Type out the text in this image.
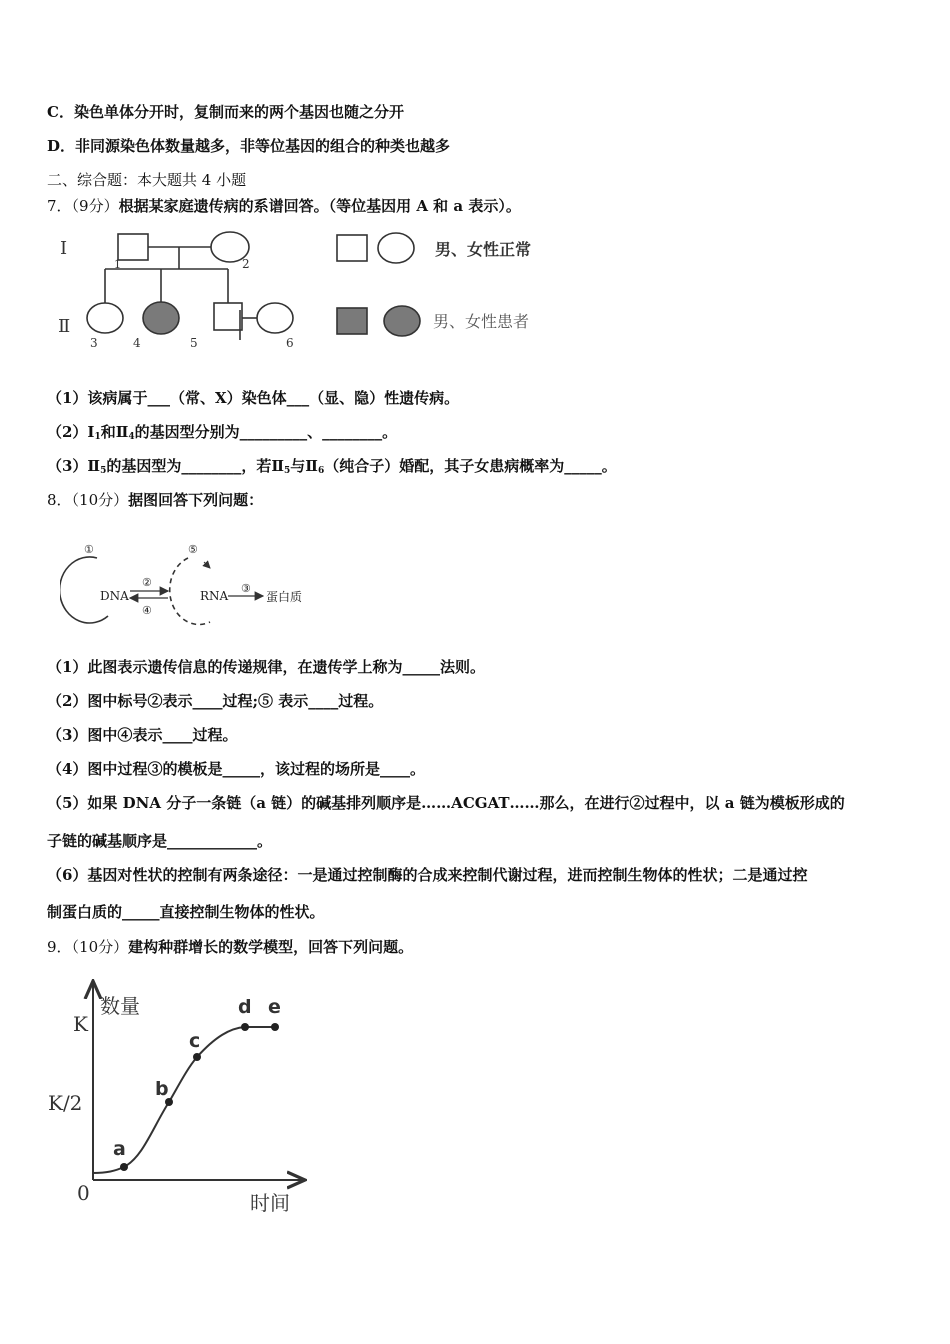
C．染色单体分开时，复制而来的两个基因也随之分开
D．非同源染色体数量越多，非等位基因的组合的种类也越多
二、综合题：本大题共 4 小题
7．（9分）根据某家庭遗传病的系谱回答。（等位基因用 A 和 a 表示）。
Ⅰ
Ⅱ
1	2
3	4	5	6
男、女性正常
男、女性患者
（1）该病属于___（常、X）染色体___（显、隐）性遗传病。
$(2)Ⅰ_1$和$Ⅱ_4$的基因型分别为_________、________。
$(3)Ⅱ_5$的基因型为________，若$Ⅱ_5$与$Ⅱ_6$（纯合子）婚配，其子女患病概率为_____。
8．（10分）据图回答下列问题：
DNA	RNA	蛋白质
①
②
④
③
⑤
（1）此图表示遗传信息的传递规律，在遗传学上称为_____法则。
（2）图中标号②表示____过程;⑤ 表示____过程。
（3）图中④表示____过程。
（4）图中过程③的模板是_____，该过程的场所是____。
（5）如果 DNA 分子一条链（a 链）的碱基排列顺序是……ACGAT……那么，在进行②过程中，以 a 链为模板形成的
子链的碱基顺序是____________。
（6）基因对性状的控制有两条途径：一是通过控制酶的合成来控制代谢过程，进而控制生物体的性状；二是通过控
制蛋白质的_____直接控制生物体的性状。
9．（10分）建构种群增长的数学模型，回答下列问题。
数量
时间
K
K/2
0
a
b
c
d e
